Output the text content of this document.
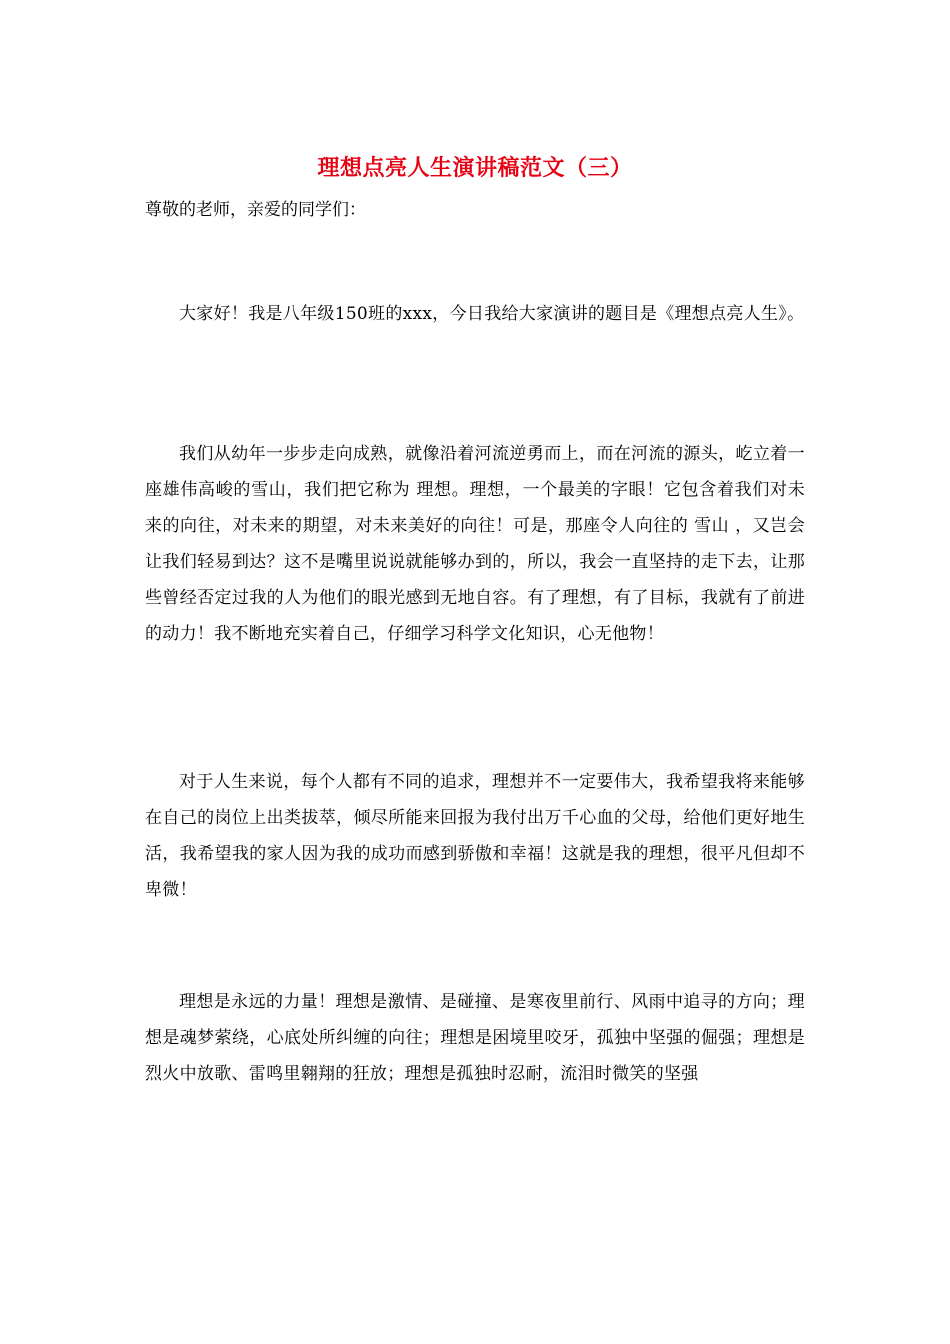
理想点亮人生演讲稿范文（三）
尊敬的老师，亲爱的同学们：
大家好！我是八年级150班的xxx，今日我给大家演讲的题目是《理想点亮人生》。
我们从幼年一步步走向成熟，就像沿着河流逆勇而上，而在河流的源头，屹立着一座雄伟高峻的雪山，我们把它称为 理想。理想，一个最美的字眼！它包含着我们对未来的向往，对未来的期望，对未来美好的向往！可是，那座令人向往的 雪山 ，又岂会让我们轻易到达？这不是嘴里说说就能够办到的，所以，我会一直坚持的走下去，让那些曾经否定过我的人为他们的眼光感到无地自容。有了理想，有了目标，我就有了前进的动力！我不断地充实着自己，仔细学习科学文化知识，心无他物！
对于人生来说，每个人都有不同的追求，理想并不一定要伟大，我希望我将来能够在自己的岗位上出类拔萃，倾尽所能来回报为我付出万千心血的父母，给他们更好地生活，我希望我的家人因为我的成功而感到骄傲和幸福！这就是我的理想，很平凡但却不卑微！
理想是永远的力量！理想是激情、是碰撞、是寒夜里前行、风雨中追寻的方向；理想是魂梦萦绕，心底处所纠缠的向往；理想是困境里咬牙，孤独中坚强的倔强；理想是烈火中放歌、雷鸣里翱翔的狂放；理想是孤独时忍耐，流泪时微笑的坚强
